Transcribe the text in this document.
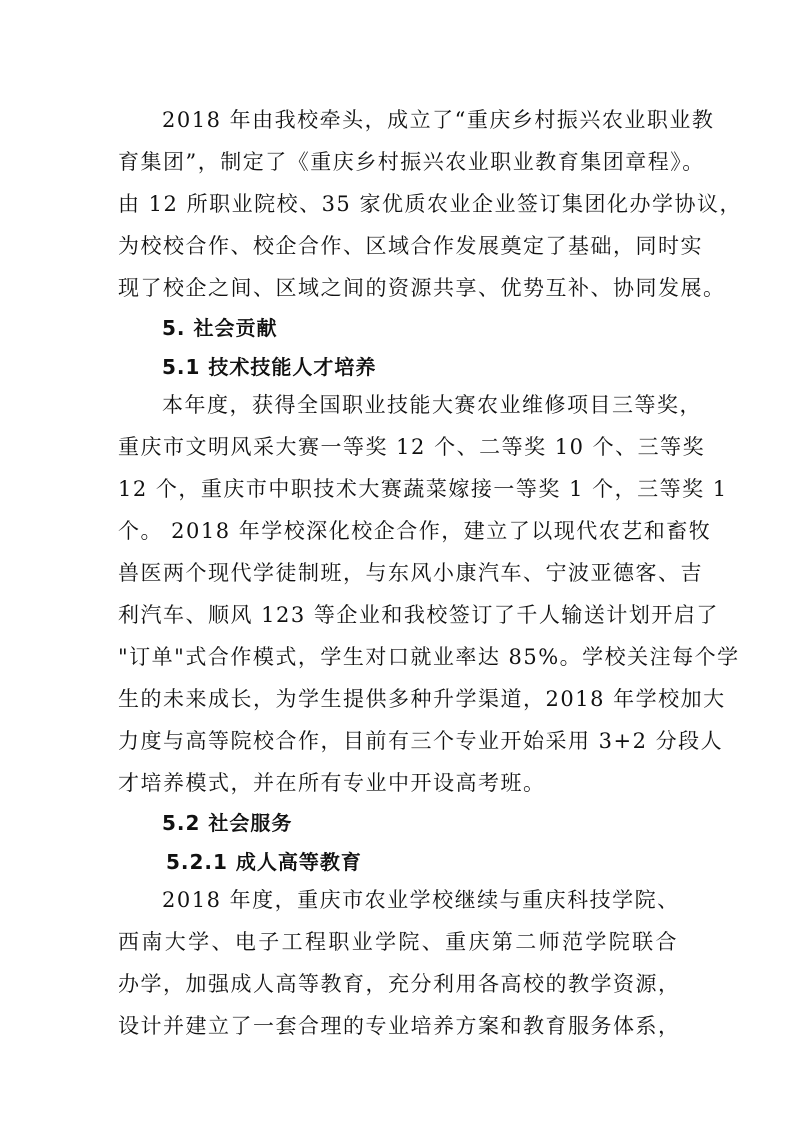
2018 年由我校牵头，成立了“重庆乡村振兴农业职业教
育集团”，制定了《重庆乡村振兴农业职业教育集团章程》。
由 12 所职业院校、35 家优质农业企业签订集团化办学协议，
为校校合作、校企合作、区域合作发展奠定了基础，同时实
现了校企之间、区域之间的资源共享、优势互补、协同发展。
5. 社会贡献
5.1 技术技能人才培养
本年度，获得全国职业技能大赛农业维修项目三等奖，
重庆市文明风采大赛一等奖 12 个、二等奖 10 个、三等奖
12 个，重庆市中职技术大赛蔬菜嫁接一等奖 1 个，三等奖 1
个。 2018 年学校深化校企合作，建立了以现代农艺和畜牧
兽医两个现代学徒制班，与东风小康汽车、宁波亚德客、吉
利汽车、顺风 123 等企业和我校签订了千人输送计划开启了
"订单"式合作模式，学生对口就业率达 85%。学校关注每个学
生的未来成长，为学生提供多种升学渠道，2018 年学校加大
力度与高等院校合作，目前有三个专业开始采用 3+2 分段人
才培养模式，并在所有专业中开设高考班。
5.2 社会服务
5.2.1 成人高等教育
2018 年度，重庆市农业学校继续与重庆科技学院、
西南大学、电子工程职业学院、重庆第二师范学院联合
办学，加强成人高等教育，充分利用各高校的教学资源，
设计并建立了一套合理的专业培养方案和教育服务体系，
